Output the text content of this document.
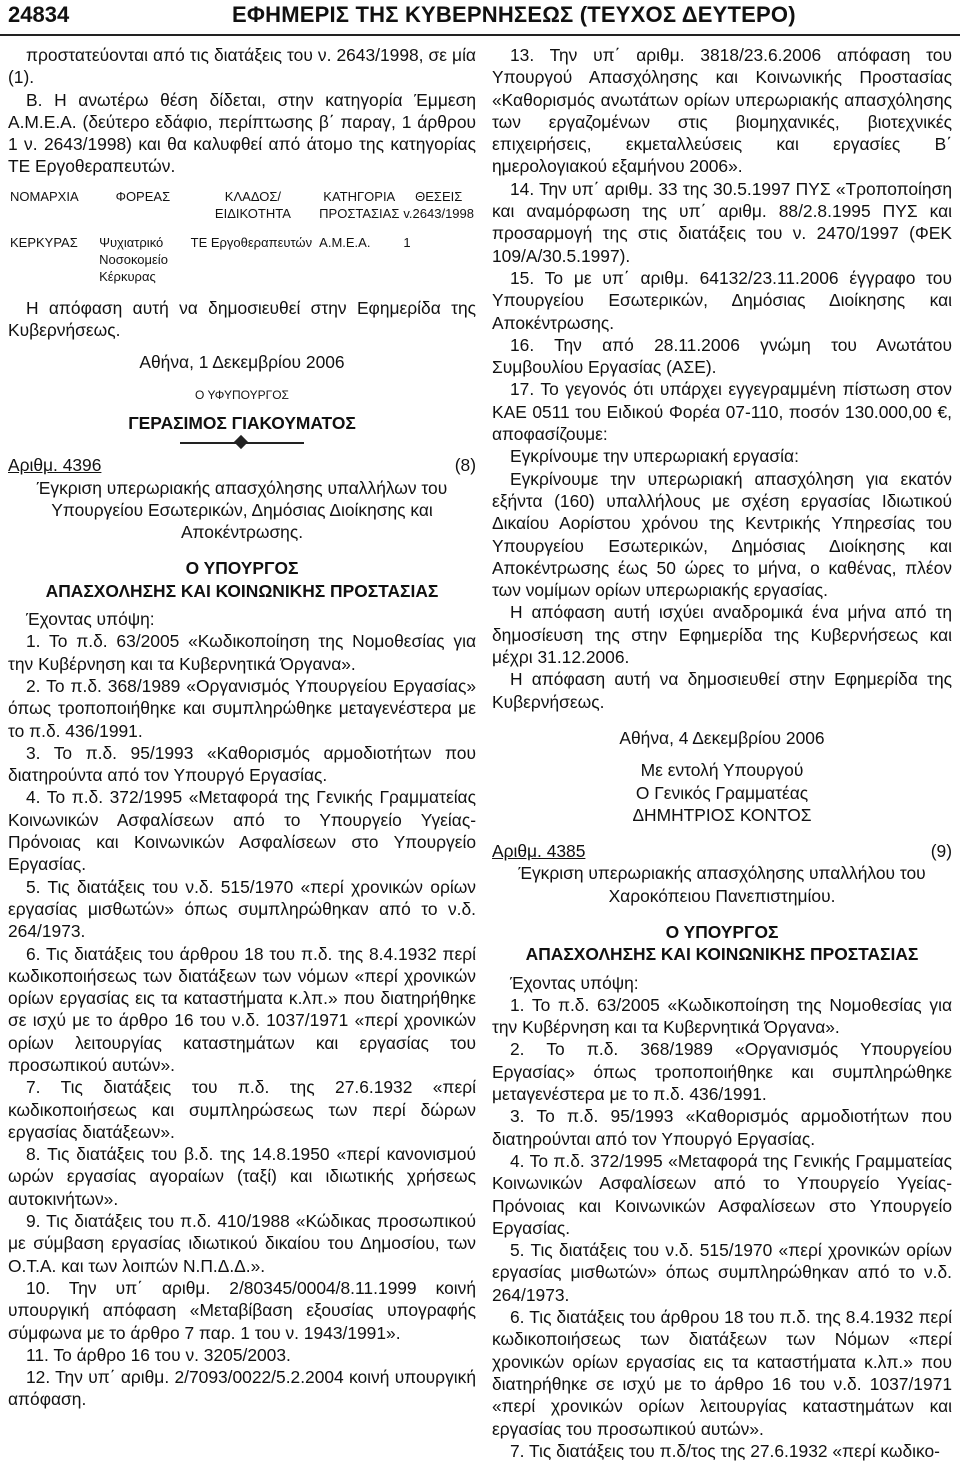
24834	ΕΦΗΜΕΡΙΣ ΤΗΣ ΚΥΒΕΡΝΗΣΕΩΣ (ΤΕΥΧΟΣ ΔΕΥΤΕΡΟ)

προστατεύονται από τις διατάξεις του ν. 2643/1998, σε μία (1).

Β. Η ανωτέρω θέση δίδεται, στην κατηγορία Έμμεση Α.Μ.Ε.Α. (δεύτερο εδάφιο, περίπτωσης β΄ παραγ, 1 άρθρου 1 ν. 2643/1998) και θα καλυφθεί από άτομο της κατηγορίας ΤΕ Εργοθεραπευτών.

ΝΟΜΑΡΧΙΑ	ΦΟΡΕΑΣ	ΚΛΑΔΟΣ/ ΕΙΔΙΚΟΤΗΤΑ	ΚΑΤΗΓΟΡΙΑ ΠΡΟΣΤΑΣΙΑΣ	ΘΕΣΕΙΣ v.2643/1998
ΚΕΡΚΥΡΑΣ	Ψυχιατρικό Νοσοκομείο Κέρκυρας	ΤΕ Εργοθεραπευτών	Α.Μ.Ε.Α.	1

Η απόφαση αυτή να δημοσιευθεί στην Εφημερίδα της Κυβερνήσεως.

Αθήνα, 1 Δεκεμβρίου 2006

Ο ΥΦΥΠΟΥΡΓΟΣ

ΓΕΡΑΣΙΜΟΣ ΓΙΑΚΟΥΜΑΤΟΣ

Αριθμ. 4396	(8)

Έγκριση υπερωριακής απασχόλησης υπαλλήλων του Υπουργείου Εσωτερικών, Δημόσιας Διοίκησης και Αποκέντρωσης.

Ο ΥΠΟΥΡΓΟΣ

ΑΠΑΣΧΟΛΗΣΗΣ ΚΑΙ ΚΟΙΝΩΝΙΚΗΣ ΠΡΟΣΤΑΣΙΑΣ

Έχοντας υπόψη:

1. Το π.δ. 63/2005 «Κωδικοποίηση της Νομοθεσίας για την Κυβέρνηση και τα Κυβερνητικά Όργανα».

2. Το π.δ. 368/1989 «Οργανισμός Υπουργείου Εργασίας» όπως τροποποιήθηκε και συμπληρώθηκε μεταγενέστερα με το π.δ. 436/1991.

3. Το π.δ. 95/1993 «Καθορισμός αρμοδιοτήτων που διατηρούντα από τον Υπουργό Εργασίας.

4. Το π.δ. 372/1995 «Μεταφορά της Γενικής Γραμματείας Κοινωνικών Ασφαλίσεων από το Υπουργείο Υγείας-Πρόνοιας και Κοινωνικών Ασφαλίσεων στο Υπουργείο Εργασίας.

5. Τις διατάξεις του ν.δ. 515/1970 «περί χρονικών ορίων εργασίας μισθωτών» όπως συμπληρώθηκαν από το ν.δ. 264/1973.

6. Τις διατάξεις του άρθρου 18 του π.δ. της 8.4.1932 περί κωδικοποιήσεως των διατάξεων των νόμων «περί χρονικών ορίων εργασίας εις τα καταστήματα κ.λπ.» που διατηρήθηκε σε ισχύ με το άρθρο 16 του ν.δ. 1037/1971 «περί χρονικών ορίων λειτουργίας καταστημάτων και εργασίας του προσωπικού αυτών».

7. Τις διατάξεις του π.δ. της 27.6.1932 «περί κωδικοποιήσεως και συμπληρώσεως των περί δώρων εργασίας διατάξεων».

8. Τις διατάξεις του β.δ. της 14.8.1950 «περί κανονισμού ωρών εργασίας αγοραίων (ταξί) και ιδιωτικής χρήσεως αυτοκινήτων».

9. Τις διατάξεις του π.δ. 410/1988 «Κώδικας προσωπικού με σύμβαση εργασίας ιδιωτικού δικαίου του Δημοσίου, των Ο.Τ.Α. και των λοιπών Ν.Π.Δ.Δ.».

10. Την υπ΄ αριθμ. 2/80345/0004/8.11.1999 κοινή υπουργική απόφαση «Μεταβίβαση εξουσίας υπογραφής σύμφωνα με το άρθρο 7 παρ. 1 του ν. 1943/1991».

11. Το άρθρο 16 του ν. 3205/2003.

12. Την υπ΄ αριθμ. 2/7093/0022/5.2.2004 κοινή υπουργική απόφαση.

13. Την υπ΄ αριθμ. 3818/23.6.2006 απόφαση του Υπουργού Απασχόλησης και Κοινωνικής Προστασίας «Καθορισμός ανωτάτων ορίων υπερωριακής απασχόλησης των εργαζομένων στις βιομηχανικές, βιοτεχνικές επιχειρήσεις, εκμεταλλεύσεις και εργασίες Β΄ ημερολογιακού εξαμήνου 2006».

14. Την υπ΄ αριθμ. 33 της 30.5.1997 ΠΥΣ «Τροποποίηση και αναμόρφωση της υπ΄ αριθμ. 88/2.8.1995 ΠΥΣ και προσαρμογή της στις διατάξεις του ν. 2470/1997 (ΦΕΚ 109/Α/30.5.1997).

15. Το με υπ΄ αριθμ. 64132/23.11.2006 έγγραφο του Υπουργείου Εσωτερικών, Δημόσιας Διοίκησης και Αποκέντρωσης.

16. Την από 28.11.2006 γνώμη του Ανωτάτου Συμβουλίου Εργασίας (ΑΣΕ).

17. Το γεγονός ότι υπάρχει εγγεγραμμένη πίστωση στον ΚΑΕ 0511 του Ειδικού Φορέα 07-110, ποσόν 130.000,00 €, αποφασίζουμε:

Εγκρίνουμε την υπερωριακή εργασία:

Εγκρίνουμε την υπερωριακή απασχόληση για εκατόν εξήντα (160) υπαλλήλους με σχέση εργασίας Ιδιωτικού Δικαίου Αορίστου χρόνου της Κεντρικής Υπηρεσίας του Υπουργείου Εσωτερικών, Δημόσιας Διοίκησης και Αποκέντρωσης έως 50 ώρες το μήνα, ο καθένας, πλέον των νομίμων ορίων υπερωριακής εργασίας.

Η απόφαση αυτή ισχύει αναδρομικά ένα μήνα από τη δημοσίευση της στην Εφημερίδα της Κυβερνήσεως και μέχρι 31.12.2006.

Η απόφαση αυτή να δημοσιευθεί στην Εφημερίδα της Κυβερνήσεως.

Αθήνα, 4 Δεκεμβρίου 2006

Με εντολή Υπουργού

Ο Γενικός Γραμματέας

ΔΗΜΗΤΡΙΟΣ ΚΟΝΤΟΣ

Αριθμ. 4385	(9)

Έγκριση υπερωριακής απασχόλησης υπαλλήλου του Χαροκόπειου Πανεπιστημίου.

Ο ΥΠΟΥΡΓΟΣ

ΑΠΑΣΧΟΛΗΣΗΣ ΚΑΙ ΚΟΙΝΩΝΙΚΗΣ ΠΡΟΣΤΑΣΙΑΣ

Έχοντας υπόψη:

1. Το π.δ. 63/2005 «Κωδικοποίηση της Νομοθεσίας για την Κυβέρνηση και τα Κυβερνητικά Όργανα».

2. Το π.δ. 368/1989 «Οργανισμός Υπουργείου Εργασίας» όπως τροποποιήθηκε και συμπληρώθηκε μεταγενέστερα με το π.δ. 436/1991.

3. Το π.δ. 95/1993 «Καθορισμός αρμοδιοτήτων που διατηρούνται από τον Υπουργό Εργασίας.

4. Το π.δ. 372/1995 «Μεταφορά της Γενικής Γραμματείας Κοινωνικών Ασφαλίσεων από το Υπουργείο Υγείας-Πρόνοιας και Κοινωνικών Ασφαλίσεων στο Υπουργείο Εργασίας.

5. Τις διατάξεις του ν.δ. 515/1970 «περί χρονικών ορίων εργασίας μισθωτών» όπως συμπληρώθηκαν από το ν.δ. 264/1973.

6. Τις διατάξεις του άρθρου 18 του π.δ. της 8.4.1932 περί κωδικοποιήσεως των διατάξεων των Νόμων «περί χρονικών ορίων εργασίας εις τα καταστήματα κ.λπ.» που διατηρήθηκε σε ισχύ με το άρθρο 16 του ν.δ. 1037/1971 «περί χρονικών ορίων λειτουργίας καταστημάτων και εργασίας του προσωπικού αυτών».

7. Τις διατάξεις του π.δ/τος της 27.6.1932 «περί κωδικο-
